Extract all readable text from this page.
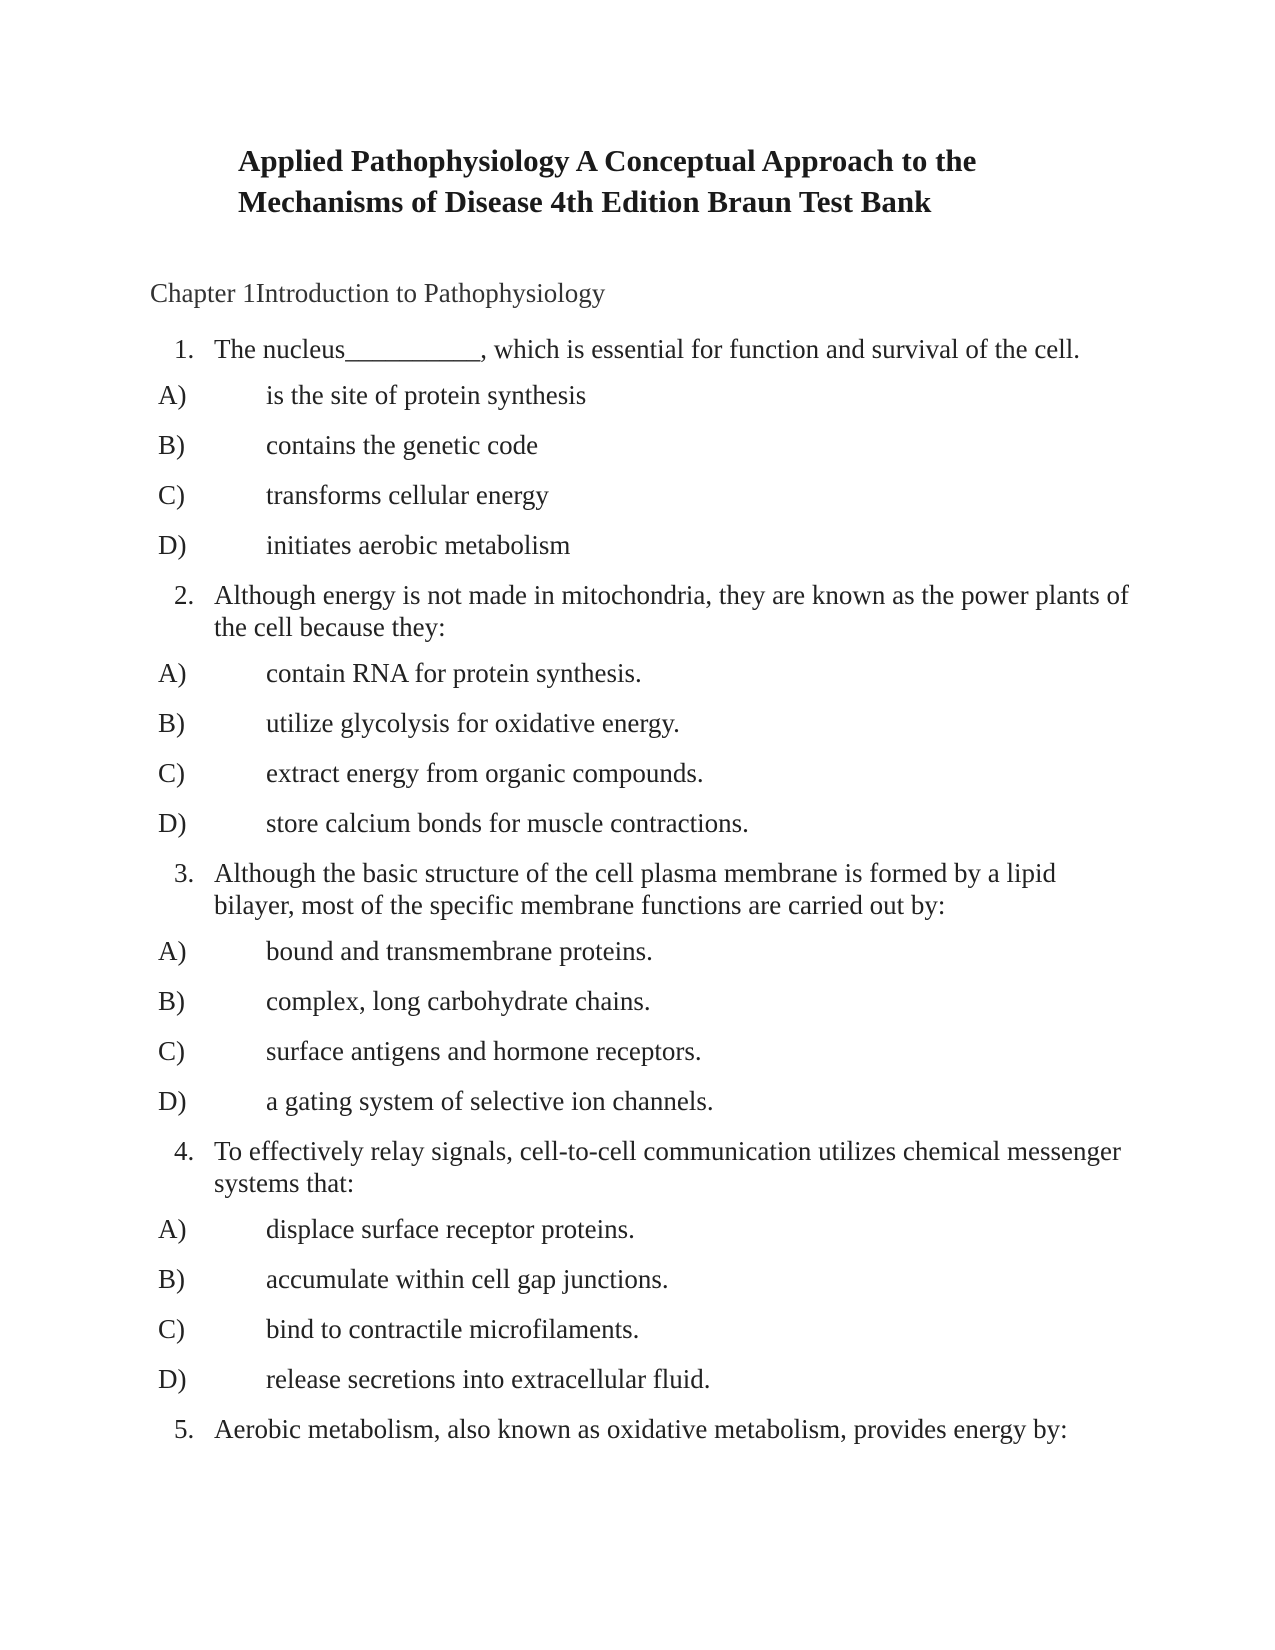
Applied Pathophysiology A Conceptual Approach to the
Mechanisms of Disease 4th Edition Braun Test Bank
Chapter 1Introduction to Pathophysiology
1. The nucleus__________, which is essential for function and survival of the cell.
A)	is the site of protein synthesis
B)	contains the genetic code
C)	transforms cellular energy
D)	initiates aerobic metabolism
2. Although energy is not made in mitochondria, they are known as the power plants of the cell because they:
A)	contain RNA for protein synthesis.
B)	utilize glycolysis for oxidative energy.
C)	extract energy from organic compounds.
D)	store calcium bonds for muscle contractions.
3. Although the basic structure of the cell plasma membrane is formed by a lipid bilayer, most of the specific membrane functions are carried out by:
A)	bound and transmembrane proteins.
B)	complex, long carbohydrate chains.
C)	surface antigens and hormone receptors.
D)	a gating system of selective ion channels.
4. To effectively relay signals, cell-to-cell communication utilizes chemical messenger systems that:
A)	displace surface receptor proteins.
B)	accumulate within cell gap junctions.
C)	bind to contractile microfilaments.
D)	release secretions into extracellular fluid.
5. Aerobic metabolism, also known as oxidative metabolism, provides energy by:
